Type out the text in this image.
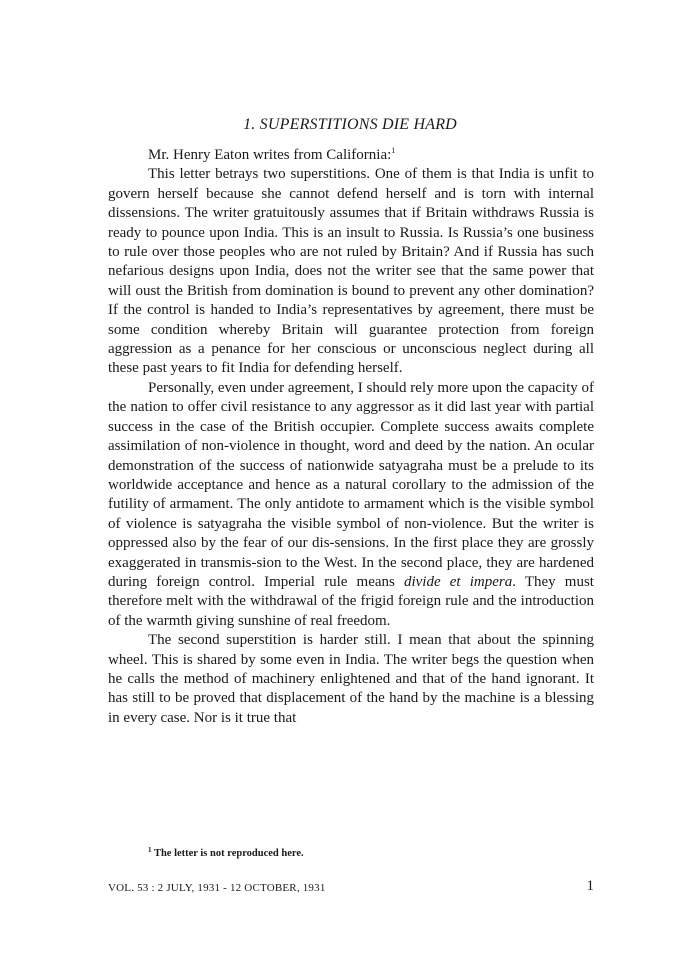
1. SUPERSTITIONS DIE HARD

Mr. Henry Eaton writes from California:$^1$

This letter betrays two superstitions. One of them is that India is unfit to govern herself because she cannot defend herself and is torn with internal dissensions. The writer gratuitously assumes that if Britain withdraws Russia is ready to pounce upon India. This is an insult to Russia. Is Russia’s one business to rule over those peoples who are not ruled by Britain? And if Russia has such nefarious designs upon India, does not the writer see that the same power that will oust the British from domination is bound to prevent any other domination? If the control is handed to India’s representatives by agreement, there must be some condition whereby Britain will guarantee protection from foreign aggression as a penance for her conscious or unconscious neglect during all these past years to fit India for defending herself.

Personally, even under agreement, I should rely more upon the capacity of the nation to offer civil resistance to any aggressor as it did last year with partial success in the case of the British occupier. Complete success awaits complete assimilation of non-violence in thought, word and deed by the nation. An ocular demonstration of the success of nationwide satyagraha must be a prelude to its worldwide acceptance and hence as a natural corollary to the admission of the futility of armament. The only antidote to armament which is the visible symbol of violence is satyagraha the visible symbol of non-violence. But the writer is oppressed also by the fear of our dis-sensions. In the first place they are grossly exaggerated in transmis-sion to the West. In the second place, they are hardened during foreign control. Imperial rule means divide et impera. They must therefore melt with the withdrawal of the frigid foreign rule and the introduction of the warmth giving sunshine of real freedom.

The second superstition is harder still. I mean that about the spinning wheel. This is shared by some even in India. The writer begs the question when he calls the method of machinery enlightened and that of the hand ignorant. It has still to be proved that displacement of the hand by the machine is a blessing in every case. Nor is it true that

$^1$ The letter is not reproduced here.
VOL. 53 : 2 JULY, 1931 - 12 OCTOBER, 1931	1
